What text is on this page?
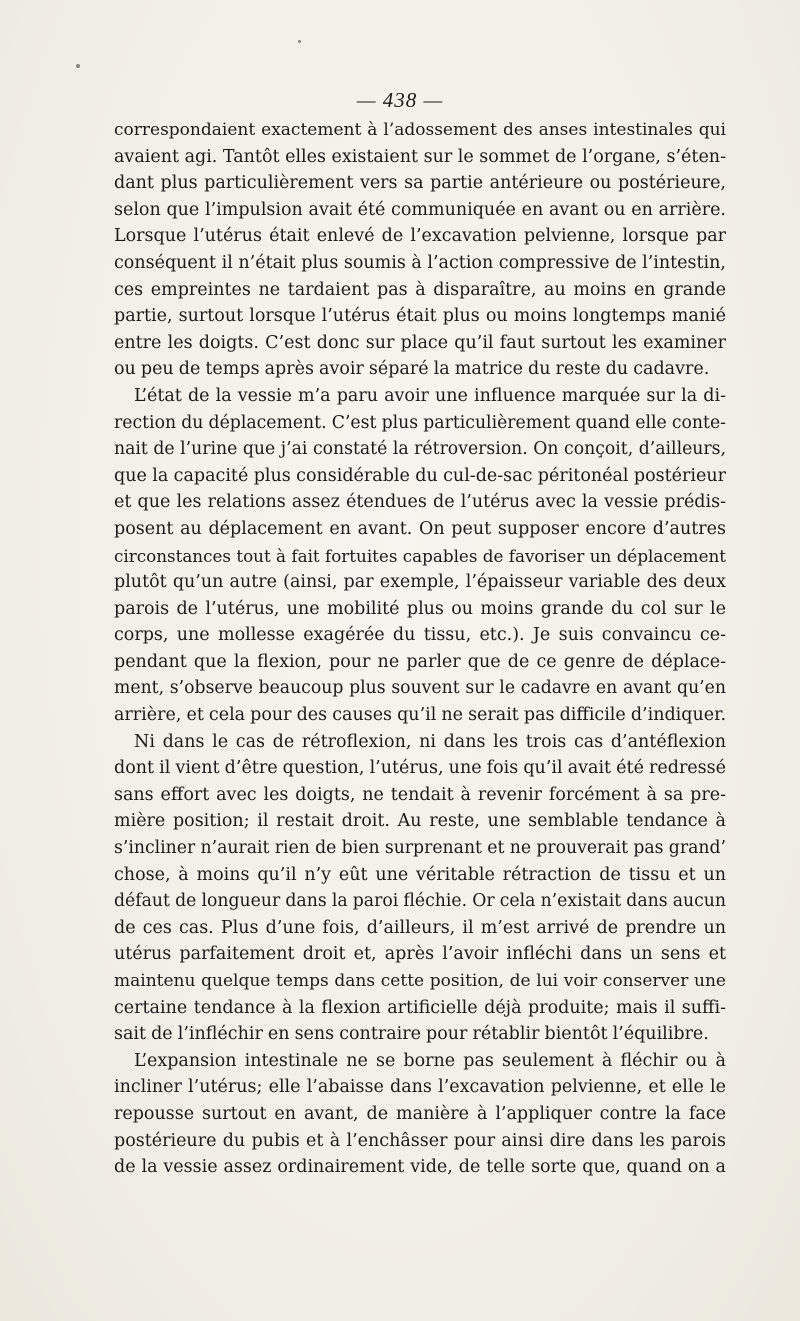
— 438 —
correspondaient exactement à l’adossement des anses intestinales qui
avaient agi. Tantôt elles existaient sur le sommet de l’organe, s’éten-
dant plus particulièrement vers sa partie antérieure ou postérieure,
selon que l’impulsion avait été communiquée en avant ou en arrière.
Lorsque l’utérus était enlevé de l’excavation pelvienne, lorsque par
conséquent il n’était plus soumis à l’action compressive de l’intestin,
ces empreintes ne tardaient pas à disparaître, au moins en grande
partie, surtout lorsque l’utérus était plus ou moins longtemps manié
entre les doigts. C’est donc sur place qu’il faut surtout les examiner
ou peu de temps après avoir séparé la matrice du reste du cadavre.
L’état de la vessie m’a paru avoir une influence marquée sur la di-
rection du déplacement. C’est plus particulièrement quand elle conte-
nait de l’urine que j’ai constaté la rétroversion. On conçoit, d’ailleurs,
que la capacité plus considérable du cul-de-sac péritonéal postérieur
et que les relations assez étendues de l’utérus avec la vessie prédis-
posent au déplacement en avant. On peut supposer encore d’autres
circonstances tout à fait fortuites capables de favoriser un déplacement
plutôt qu’un autre (ainsi, par exemple, l’épaisseur variable des deux
parois de l’utérus, une mobilité plus ou moins grande du col sur le
corps, une mollesse exagérée du tissu, etc.). Je suis convaincu ce-
pendant que la flexion, pour ne parler que de ce genre de déplace-
ment, s’observe beaucoup plus souvent sur le cadavre en avant qu’en
arrière, et cela pour des causes qu’il ne serait pas difficile d’indiquer.
Ni dans le cas de rétroflexion, ni dans les trois cas d’antéflexion
dont il vient d’être question, l’utérus, une fois qu’il avait été redressé
sans effort avec les doigts, ne tendait à revenir forcément à sa pre-
mière position; il restait droit. Au reste, une semblable tendance à
s’incliner n’aurait rien de bien surprenant et ne prouverait pas grand’
chose, à moins qu’il n’y eût une véritable rétraction de tissu et un
défaut de longueur dans la paroi fléchie. Or cela n’existait dans aucun
de ces cas. Plus d’une fois, d’ailleurs, il m’est arrivé de prendre un
utérus parfaitement droit et, après l’avoir infléchi dans un sens et
maintenu quelque temps dans cette position, de lui voir conserver une
certaine tendance à la flexion artificielle déjà produite; mais il suffi-
sait de l’infléchir en sens contraire pour rétablir bientôt l’équilibre.
L’expansion intestinale ne se borne pas seulement à fléchir ou à
incliner l’utérus; elle l’abaisse dans l’excavation pelvienne, et elle le
repousse surtout en avant, de manière à l’appliquer contre la face
postérieure du pubis et à l’enchâsser pour ainsi dire dans les parois
de la vessie assez ordinairement vide, de telle sorte que, quand on a
